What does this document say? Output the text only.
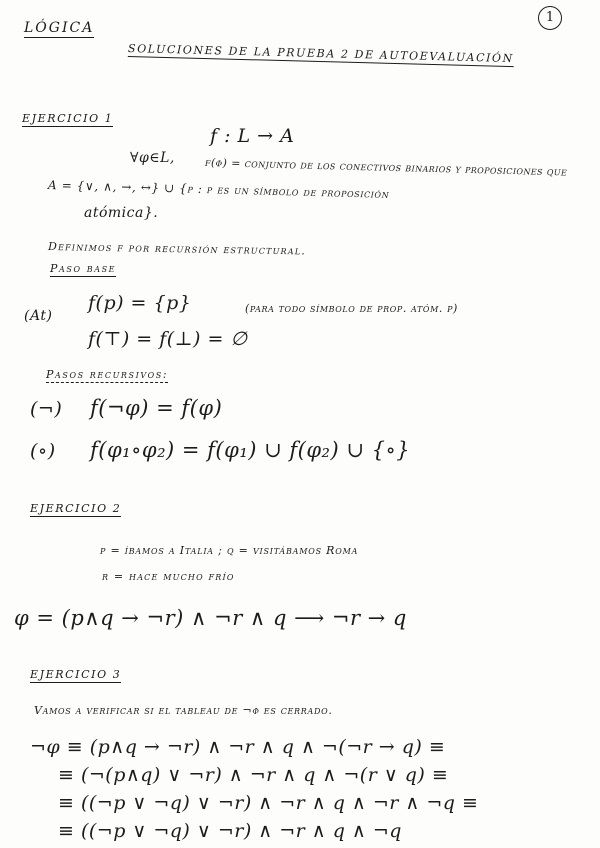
LÓGICA
1
SOLUCIONES DE LA PRUEBA 2 DE AUTOEVALUACIÓN
EJERCICIO 1
f : L → A
∀φ∈L,	f(φ) = conjunto de los conectivos binarios y proposiciones que
A = {∨, ∧, →, ↔} ∪ {p : p es un símbolo de proposición
atómica}.
Definimos f por recursión estructural.
Paso base
(At)
f(p) = {p}	(para todo símbolo de prop. atóm. p)
f(⊤) = f(⊥) = ∅
Pasos recursivos:
(¬) f(¬φ) = f(φ)
(∘) f(φ₁∘φ₂) = f(φ₁) ∪ f(φ₂) ∪ {∘}
EJERCICIO 2
p = íbamos a Italia ; q = visitábamos Roma
r = hace mucho frío
φ = (p∧q → ¬r) ∧ ¬r ∧ q ⟶ ¬r → q
EJERCICIO 3
Vamos a verificar si el tableau de ¬φ es cerrado.
¬φ ≡ (p∧q → ¬r) ∧ ¬r ∧ q ∧ ¬(¬r → q) ≡
≡ (¬(p∧q) ∨ ¬r) ∧ ¬r ∧ q ∧ ¬(r ∨ q) ≡
≡ ((¬p ∨ ¬q) ∨ ¬r) ∧ ¬r ∧ q ∧ ¬r ∧ ¬q ≡
≡ ((¬p ∨ ¬q) ∨ ¬r) ∧ ¬r ∧ q ∧ ¬q
